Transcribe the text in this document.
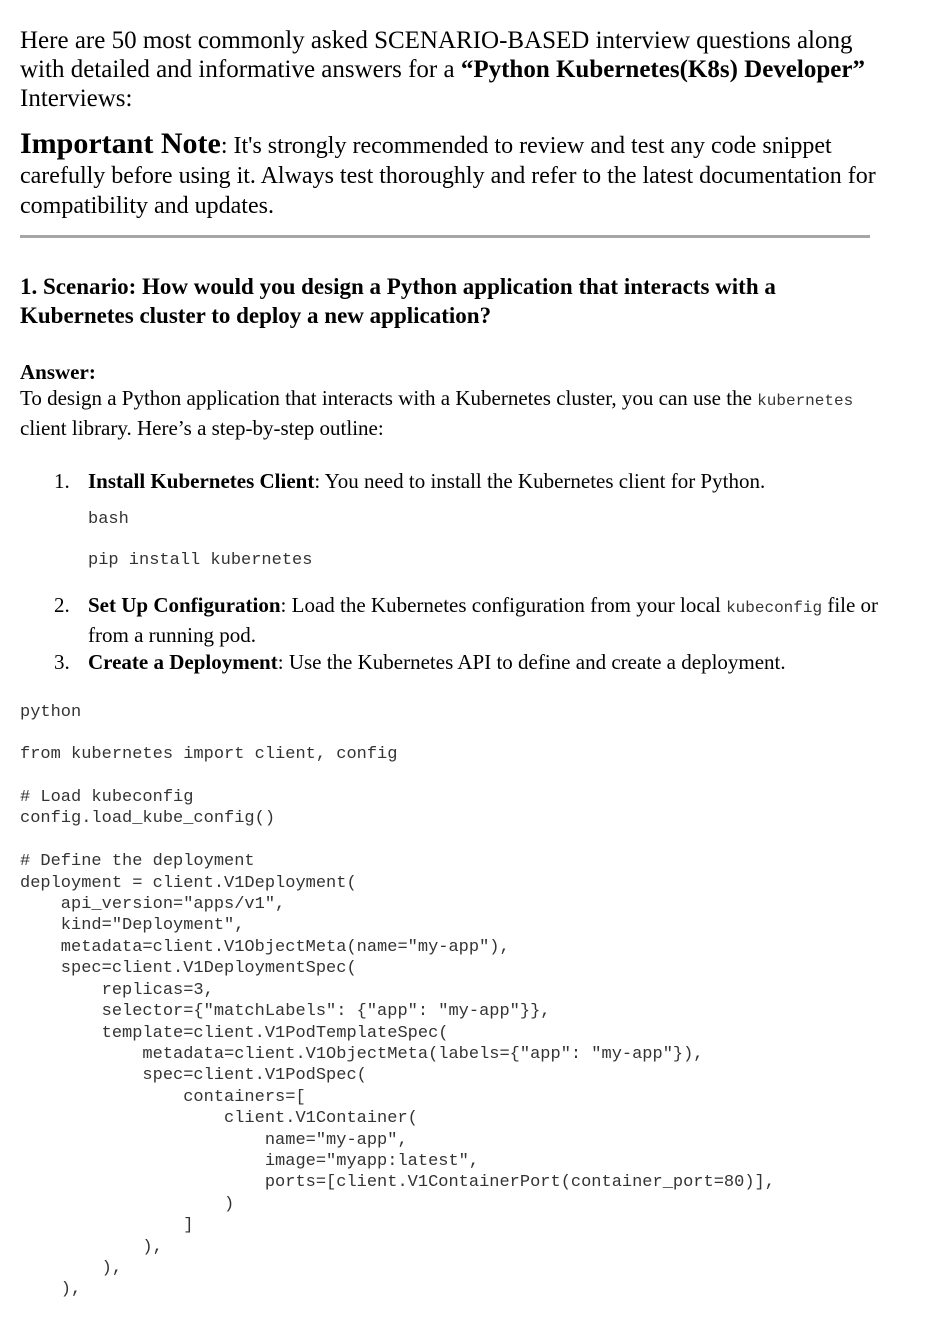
Here are 50 most commonly asked SCENARIO-BASED interview questions along with detailed and informative answers for a “Python Kubernetes(K8s) Developer” Interviews:

Important Note: It's strongly recommended to review and test any code snippet carefully before using it. Always test thoroughly and refer to the latest documentation for compatibility and updates.

1. Scenario: How would you design a Python application that interacts with a Kubernetes cluster to deploy a new application?

Answer:

To design a Python application that interacts with a Kubernetes cluster, you can use the kubernetes client library. Here’s a step-by-step outline:

1. Install Kubernetes Client: You need to install the Kubernetes client for Python.
bash
pip install kubernetes
2. Set Up Configuration: Load the Kubernetes configuration from your local kubeconfig file or from a running pod.
3. Create a Deployment: Use the Kubernetes API to define and create a deployment.
python
from kubernetes import client, config

# Load kubeconfig
config.load_kube_config()

# Define the deployment
deployment = client.V1Deployment(
api_version="apps/v1",
kind="Deployment",
metadata=client.V1ObjectMeta(name="my-app"),
spec=client.V1DeploymentSpec(
replicas=3,
selector={"matchLabels": {"app": "my-app"}},
template=client.V1PodTemplateSpec(
metadata=client.V1ObjectMeta(labels={"app": "my-app"}),
spec=client.V1PodSpec(
containers=[
client.V1Container(
name="my-app",
image="myapp:latest",
ports=[client.V1ContainerPort(container_port=80)],
)
]
),
),
),
